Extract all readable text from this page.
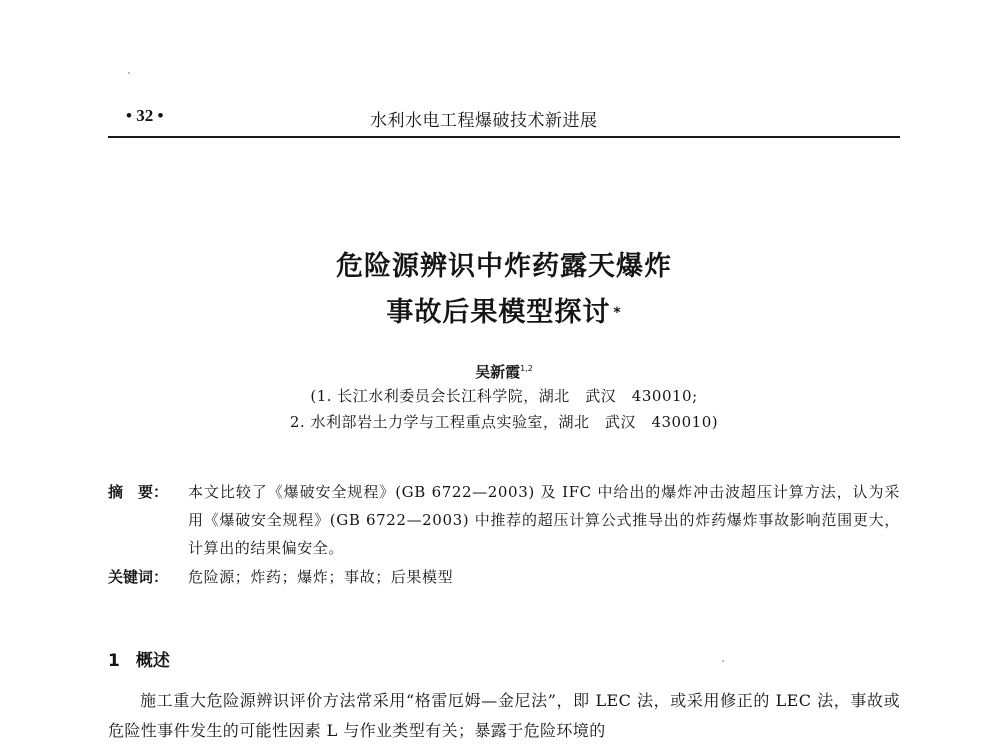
• 32 •	水利水电工程爆破技术新进展
危险源辨识中炸药露天爆炸
事故后果模型探讨 *
吴新霞$^{1,2}$
(1. 长江水利委员会长江科学院，湖北　武汉　430010;
2. 水利部岩土力学与工程重点实验室，湖北　武汉　430010)
摘　要：	本文比较了《爆破安全规程》(GB 6722—2003) 及 IFC 中给出的爆炸冲击波超压计算方法，认为采用《爆破安全规程》(GB 6722—2003) 中推荐的超压计算公式推导出的炸药爆炸事故影响范围更大，计算出的结果偏安全。
关键词：	危险源；炸药；爆炸；事故；后果模型
1 概述
施工重大危险源辨识评价方法常采用“格雷厄姆—金尼法”，即 LEC 法，或采用修正的 LEC 法，事故或危险性事件发生的可能性因素 L 与作业类型有关；暴露于危险环境的
